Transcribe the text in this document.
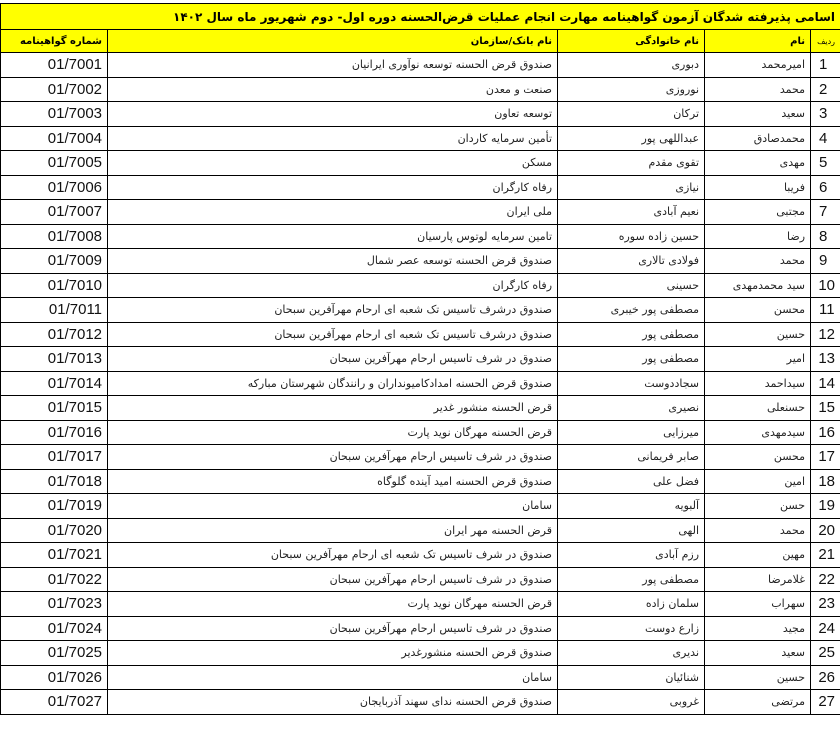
اسامی پذیرفته شدگان آزمون گواهینامه مهارت انجام عملیات قرض‌الحسنه دوره اول- دوم شهریور ماه سال ۱۴۰۲				
ردیف	نام	نام خانوادگی	نام بانک/سازمان	شماره گواهینامه
1	امیرمحمد	دبوری	صندوق قرض الحسنه توسعه نوآوری ایرانیان	01/7001
2	محمد	نوروزی	صنعت و معدن	01/7002
3	سعید	ترکان	توسعه تعاون	01/7003
4	محمدصادق	عبداللهی پور	تأمین سرمایه کاردان	01/7004
5	مهدی	تقوی مقدم	مسکن	01/7005
6	فریبا	نیازی	رفاه کارگران	01/7006
7	مجتبی	نعیم آبادی	ملی ایران	01/7007
8	رضا	حسین زاده سوره	تامین سرمایه لوتوس پارسیان	01/7008
9	محمد	فولادی تالاری	صندوق قرض الحسنه توسعه عصر شمال	01/7009
10	سید محمدمهدی	حسینی	رفاه کارگران	01/7010
11	محسن	مصطفی پور خیبری	صندوق درشرف تاسیس تک شعبه ای ارحام مهرآفرین سبحان	01/7011
12	حسین	مصطفی پور	صندوق درشرف تاسیس تک شعبه ای ارحام مهرآفرین سبحان	01/7012
13	امیر	مصطفی پور	صندوق در شرف تاسیس ارحام مهرآفرین سبحان	01/7013
14	سیداحمد	سجاددوست	صندوق قرض الحسنه امدادکامیونداران و رانندگان شهرستان مبارکه	01/7014
15	حسنعلی	نصیری	قرض الحسنه منشور غدیر	01/7015
16	سیدمهدی	میرزایی	قرض الحسنه مهرگان نوید پارت	01/7016
17	محسن	صابر فریمانی	صندوق در شرف تاسیس ارحام مهرآفرین سبحان	01/7017
18	امین	فضل علی	صندوق قرض الحسنه امید آینده گلوگاه	01/7018
19	حسن	آلبویه	سامان	01/7019
20	محمد	الهی	قرض الحسنه مهر ایران	01/7020
21	مهین	رزم آبادی	صندوق در شرف تاسیس تک شعبه ای ارحام مهرآفرین سبحان	01/7021
22	غلامرضا	مصطفی پور	صندوق در شرف تاسیس ارحام مهرآفرین سبحان	01/7022
23	سهراب	سلمان زاده	قرض الحسنه مهرگان نوید پارت	01/7023
24	مجید	زارع دوست	صندوق در شرف تاسیس ارحام مهرآفرین سبحان	01/7024
25	سعید	ندیری	صندوق قرض الحسنه منشورغدیر	01/7025
26	حسین	شنائیان	سامان	01/7026
27	مرتضی	غروبی	صندوق قرض الحسنه ندای سهند آذربایجان	01/7027
